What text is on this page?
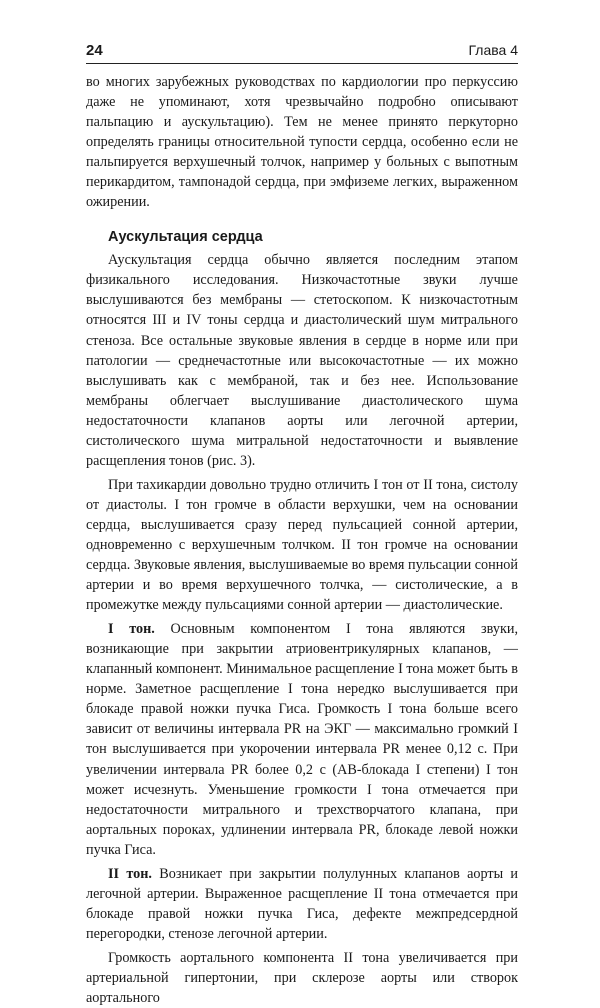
24	Глава 4

во многих зарубежных руководствах по кардиологии про перкуссию даже не упоминают, хотя чрезвычайно подробно описывают пальпацию и аускультацию). Тем не менее принято перкуторно определять границы относительной тупости сердца, особенно если не пальпируется верхушечный толчок, например у больных с выпотным перикардитом, тампонадой сердца, при эмфиземе легких, выраженном ожирении.

Аускультация сердца

Аускультация сердца обычно является последним этапом физикального исследования. Низкочастотные звуки лучше выслушиваются без мембраны — стетоскопом. К низкочастотным относятся III и IV тоны сердца и диастолический шум митрального стеноза. Все остальные звуковые явления в сердце в норме или при патологии — среднечастотные или высокочастотные — их можно выслушивать как с мембраной, так и без нее. Использование мембраны облегчает выслушивание диастолического шума недостаточности клапанов аорты или легочной артерии, систолического шума митральной недостаточности и выявление расщепления тонов (рис. 3).

При тахикардии довольно трудно отличить I тон от II тона, систолу от диастолы. I тон громче в области верхушки, чем на основании сердца, выслушивается сразу перед пульсацией сонной артерии, одновременно с верхушечным толчком. II тон громче на основании сердца. Звуковые явления, выслушиваемые во время пульсации сонной артерии и во время верхушечного толчка, — систолические, а в промежутке между пульсациями сонной артерии — диастолические.

I тон. Основным компонентом I тона являются звуки, возникающие при закрытии атриовентрикулярных клапанов, — клапанный компонент. Минимальное расщепление I тона может быть в норме. Заметное расщепление I тона нередко выслушивается при блокаде правой ножки пучка Гиса. Громкость I тона больше всего зависит от величины интервала PR на ЭКГ — максимально громкий I тон выслушивается при укорочении интервала PR менее 0,12 с. При увеличении интервала PR более 0,2 с (АВ-блокада I степени) I тон может исчезнуть. Уменьшение громкости I тона отмечается при недостаточности митрального и трехстворчатого клапана, при аортальных пороках, удлинении интервала PR, блокаде левой ножки пучка Гиса.

II тон. Возникает при закрытии полулунных клапанов аорты и легочной артерии. Выраженное расщепление II тона отмечается при блокаде правой ножки пучка Гиса, дефекте межпредсердной перегородки, стенозе легочной артерии.

Громкость аортального компонента II тона увеличивается при артериальной гипертонии, при склерозе аорты или створок аортального
